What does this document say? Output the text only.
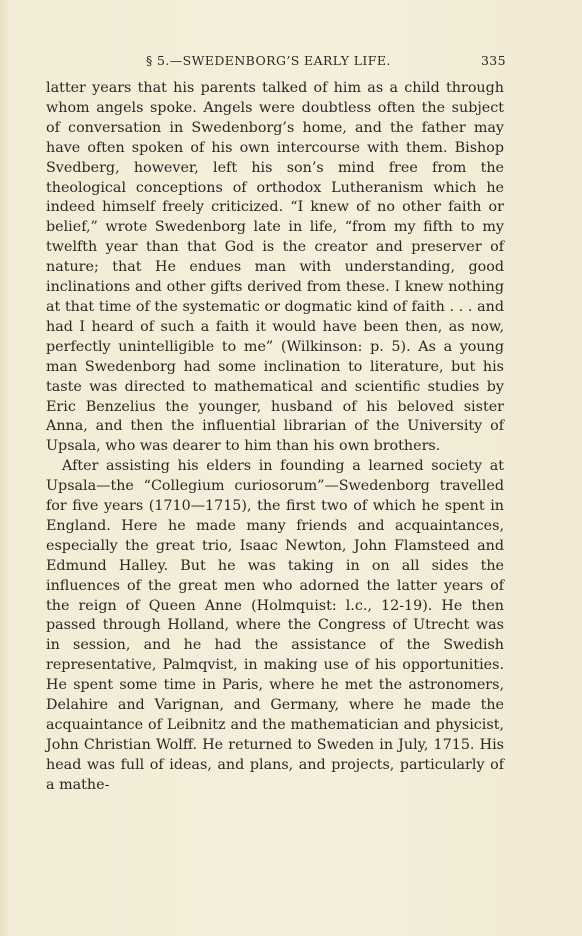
§ 5.—SWEDENBORG’S EARLY LIFE.	335

latter years that his parents talked of him as a child through whom angels spoke. Angels were doubtless often the subject of conversation in Swedenborg’s home, and the father may have often spoken of his own intercourse with them. Bishop Svedberg, however, left his son’s mind free from the theological conceptions of orthodox Lutheranism which he indeed himself freely criticized. “I knew of no other faith or belief,” wrote Swedenborg late in life, “from my fifth to my twelfth year than that God is the creator and preserver of nature; that He endues man with understanding, good inclinations and other gifts derived from these. I knew nothing at that time of the systematic or dogmatic kind of faith . . . and had I heard of such a faith it would have been then, as now, perfectly unintelligible to me” (Wilkinson: p. 5). As a young man Swedenborg had some inclination to literature, but his taste was directed to mathematical and scientific studies by Eric Benzelius the younger, husband of his beloved sister Anna, and then the influential librarian of the University of Upsala, who was dearer to him than his own brothers.

After assisting his elders in founding a learned society at Upsala—the “Collegium curiosorum”—Swedenborg travelled for five years (1710—1715), the first two of which he spent in England. Here he made many friends and acquaintances, especially the great trio, Isaac Newton, John Flamsteed and Edmund Halley. But he was taking in on all sides the influences of the great men who adorned the latter years of the reign of Queen Anne (Holmquist: l.c., 12-19). He then passed through Holland, where the Congress of Utrecht was in session, and he had the assistance of the Swedish representative, Palmqvist, in making use of his opportunities. He spent some time in Paris, where he met the astronomers, Delahire and Varignan, and Germany, where he made the acquaintance of Leibnitz and the mathematician and physicist, John Christian Wolff. He returned to Sweden in July, 1715. His head was full of ideas, and plans, and projects, particularly of a mathe-
